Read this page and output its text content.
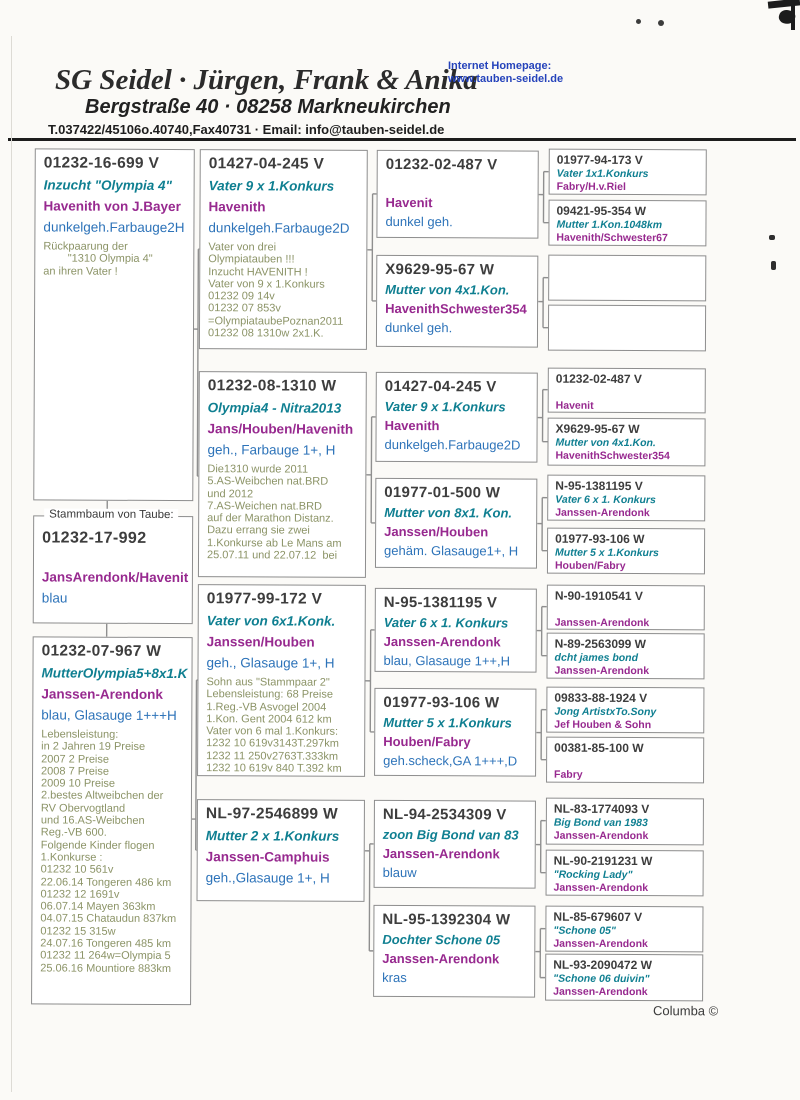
SG Seidel · Jürgen, Frank & Anika
Internet Homepage:
www.tauben-seidel.de
Bergstraße 40 · 08258 Markneukirchen
T.037422/45106o.40740,Fax40731 · Email: info@tauben-seidel.de
01232-16-699 V
Inzucht "Olympia 4"
Havenith von J.Bayer
dunkelgeh.Farbauge2H
Rückpaarung der
"1310 Olympia 4"
an ihren Vater !
Stammbaum von Taube:
01232-17-992
JansArendonk/Havenit
blau
01232-07-967 W
MutterOlympia5+8x1.K
Janssen-Arendonk
blau, Glasauge 1+++H
Lebensleistung:
in 2 Jahren 19 Preise
2007 2 Preise
2008 7 Preise
2009 10 Preise
2.bestes Altweibchen der
RV Obervogtland
und 16.AS-Weibchen
Reg.-VB 600.
Folgende Kinder flogen
1.Konkurse :
01232 10 561v
22.06.14 Tongeren 486 km
01232 12 1691v
06.07.14 Mayen 363km
04.07.15 Chataudun 837km
01232 15 315w
24.07.16 Tongeren 485 km
01232 11 264w=Olympia 5
25.06.16 Mountiore 883km
01427-04-245 V
Vater 9 x 1.Konkurs
Havenith
dunkelgeh.Farbauge2D
Vater von drei
Olympiatauben !!!
Inzucht HAVENITH !
Vater von 9 x 1.Konkurs
01232 09 14v
01232 07 853v
=OlympiataubePoznan2011
01232 08 1310w 2x1.K.
01232-08-1310 W
Olympia4 - Nitra2013
Jans/Houben/Havenith
geh., Farbauge 1+, H
Die1310 wurde 2011
5.AS-Weibchen nat.BRD
und 2012
7.AS-Weichen nat.BRD
auf der Marathon Distanz.
Dazu errang sie zwei
1.Konkurse ab Le Mans am
25.07.11 und 22.07.12  bei
01977-99-172 V
Vater von 6x1.Konk.
Janssen/Houben
geh., Glasauge 1+, H
Sohn aus "Stammpaar 2"
Lebensleistung: 68 Preise
1.Reg.-VB Asvogel 2004
1.Kon. Gent 2004 612 km
Vater von 6 mal 1.Konkurs:
1232 10 619v3143T.297km
1232 11 250v2763T.333km
1232 10 619v 840 T.392 km
NL-97-2546899 W
Mutter 2 x 1.Konkurs
Janssen-Camphuis
geh.,Glasauge 1+, H
01232-02-487 V
Havenit
dunkel geh.
X9629-95-67 W
Mutter von 4x1.Kon.
HavenithSchwester354
dunkel geh.
01427-04-245 V
Vater 9 x 1.Konkurs
Havenith
dunkelgeh.Farbauge2D
01977-01-500 W
Mutter von 8x1. Kon.
Janssen/Houben
gehäm. Glasauge1+, H
N-95-1381195 V
Vater 6 x 1. Konkurs
Janssen-Arendonk
blau, Glasauge 1++,H
01977-93-106 W
Mutter 5 x 1.Konkurs
Houben/Fabry
geh.scheck,GA 1+++,D
NL-94-2534309 V
zoon Big Bond van 83
Janssen-Arendonk
blauw
NL-95-1392304 W
Dochter Schone 05
Janssen-Arendonk
kras
01977-94-173 V
Vater 1x1.Konkurs
Fabry/H.v.Riel
09421-95-354 W
Mutter 1.Kon.1048km
Havenith/Schwester67
01232-02-487 V
Havenit
X9629-95-67 W
Mutter von 4x1.Kon.
HavenithSchwester354
N-95-1381195 V
Vater 6 x 1. Konkurs
Janssen-Arendonk
01977-93-106 W
Mutter 5 x 1.Konkurs
Houben/Fabry
N-90-1910541 V
Janssen-Arendonk
N-89-2563099 W
dcht james bond
Janssen-Arendonk
09833-88-1924 V
Jong ArtistxTo.Sony
Jef Houben & Sohn
00381-85-100 W
Fabry
NL-83-1774093 V
Big Bond van 1983
Janssen-Arendonk
NL-90-2191231 W
"Rocking Lady"
Janssen-Arendonk
NL-85-679607 V
"Schone 05"
Janssen-Arendonk
NL-93-2090472 W
"Schone 06 duivin"
Janssen-Arendonk
Columba ©
